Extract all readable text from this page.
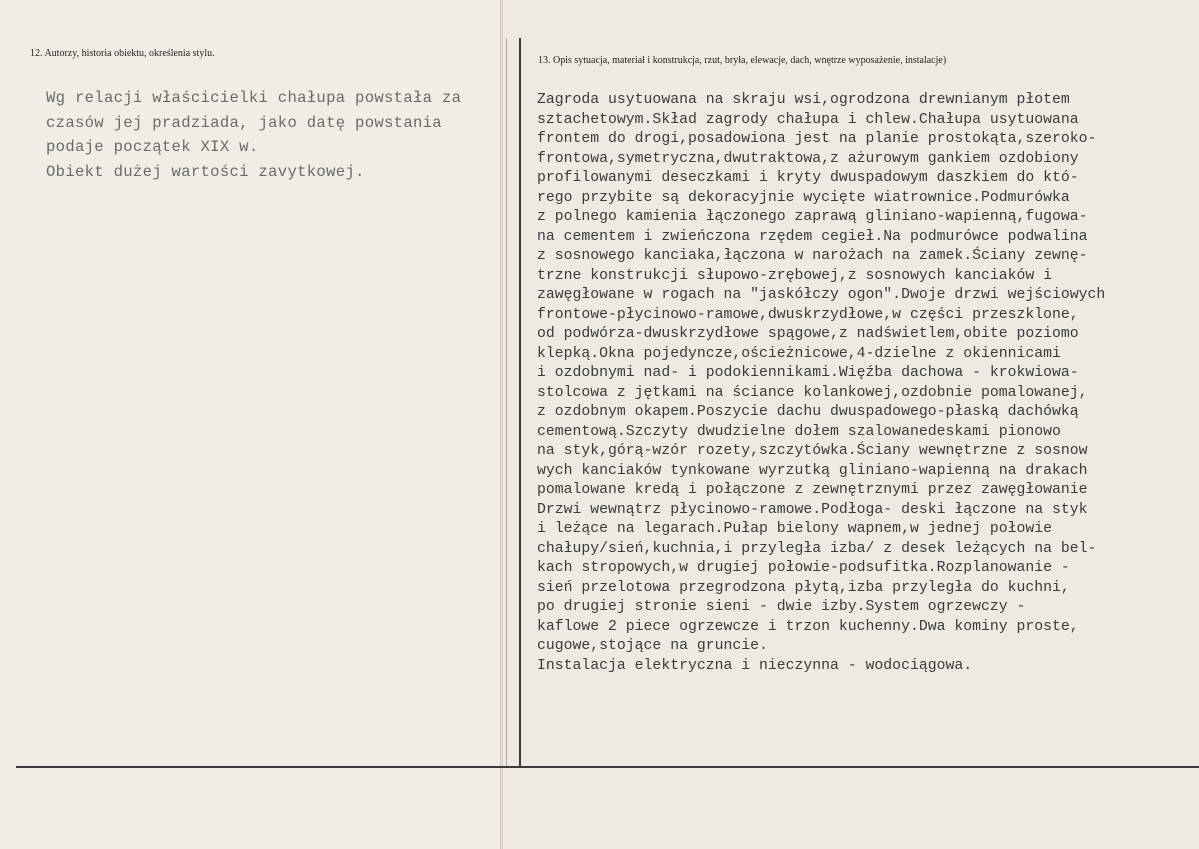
12. Autorzy, historia obiektu, określenia stylu.
13. Opis sytuacja, materiał i konstrukcja, rzut, bryła, elewacje, dach, wnętrze wyposażenie, instalacje)
Wg relacji właścicielki chałupa powstała za
czasów jej pradziada, jako datę powstania
podaje początek XIX w.
Obiekt dużej wartości zavytkowej.
Zagroda usytuowana na skraju wsi,ogrodzona drewnianym płotem
sztachetowym.Skład zagrody chałupa i chlew.Chałupa usytuowana
frontem do drogi,posadowiona jest na planie prostokąta,szeroko-
frontowa,symetryczna,dwutraktowa,z ażurowym gankiem ozdobiony
profilowanymi deseczkami i kryty dwuspadowym daszkiem do któ-
rego przybite są dekoracyjnie wycięte wiatrownice.Podmurówka
z polnego kamienia łączonego zaprawą gliniano-wapienną,fugowa-
na cementem i zwieńczona rzędem cegieł.Na podmurówce podwalina
z sosnowego kanciaka,łączona w narożach na zamek.Ściany zewnę-
trzne konstrukcji słupowo-zrębowej,z sosnowych kanciaków i
zawęgłowane w rogach na "jaskółczy ogon".Dwoje drzwi wejściowych
frontowe-płycinowo-ramowe,dwuskrzydłowe,w części przeszklone,
od podwórza-dwuskrzydłowe spągowe,z nadświetlem,obite poziomo
klepką.Okna pojedyncze,ościeżnicowe,4-dzielne z okiennicami
i ozdobnymi nad- i podokiennikami.Więźba dachowa - krokwiowa-
stolcowa z jętkami na ściance kolankowej,ozdobnie pomalowanej,
z ozdobnym okapem.Poszycie dachu dwuspadowego-płaską dachówką
cementową.Szczyty dwudzielne dołem szalowanedeskami pionowo
na styk,górą-wzór rozety,szczytówka.Ściany wewnętrzne z sosnow
wych kanciaków tynkowane wyrzutką gliniano-wapienną na drakach
pomalowane kredą i połączone z zewnętrznymi przez zawęgłowanie
Drzwi wewnątrz płycinowo-ramowe.Podłoga- deski łączone na styk
i leżące na legarach.Pułap bielony wapnem,w jednej połowie
chałupy/sień,kuchnia,i przyległa izba/ z desek leżących na bel-
kach stropowych,w drugiej połowie-podsufitka.Rozplanowanie -
sień przelotowa przegrodzona płytą,izba przyległa do kuchni,
po drugiej stronie sieni - dwie izby.System ogrzewczy -
kaflowe 2 piece ogrzewcze i trzon kuchenny.Dwa kominy proste,
cugowe,stojące na gruncie.
Instalacja elektryczna i nieczynna - wodociągowa.
